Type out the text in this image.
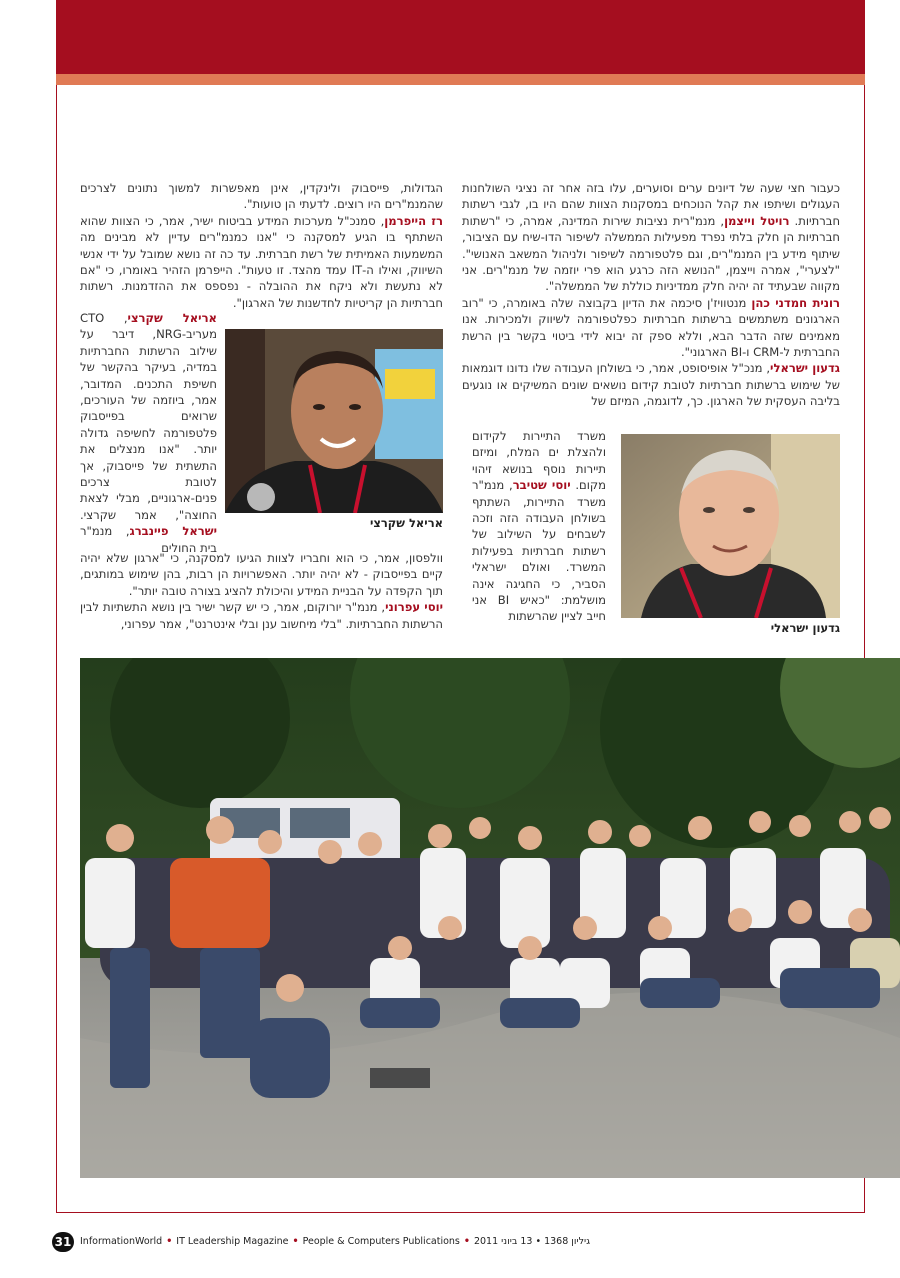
כעבור חצי שעה של דיונים ערים וסוערים, עלו בזה אחר זה נציגי השולחנות העגולים ושיתפו את קהל הנוכחים במסקנות הצוות שהם היו בו, לגבי רשתות חברתיות. רויטל וייצמן, מנמ"רית נציבות שירות המדינה, אמרה, כי "רשתות חברתיות הן חלק בלתי נפרד מפעילות הממשלה לשיפור הדו-שיח עם הציבור, שיתוף מידע בין המנמ"רים, וגם פלטפורמה לשיפור ולניהול המשאב האנושי". "לצערי", אמרה וייצמן, "הנושא הזה כרגע הוא פרי יוזמה של מנמ"רים. אני מקווה שבעתיד זה יהיה חלק ממדיניות כוללת של הממשלה".

רונית חמדני כהן מנטוויז'ן סיכמה את הדיון בקבוצה שלה באומרה, כי "רוב הארגונים משתמשים ברשתות חברתיות כפלטפורמה לשיווק ולמכירות. אנו מאמינים שזה הדבר הבא, וללא ספק זה יבוא לידי ביטוי בקשר בין הרשת החברתית ל-CRM ו-BI הארגוני".

גדעון ישראלי, מנכ"ל אופיסופט, אמר, כי בשולחן העבודה שלו נדונו דוגמאות של שימוש ברשתות חברתיות לטובת קידום נושאים שונים המשיקים או נוגעים בליבה העסקית של הארגון. כך, לדוגמה, המיזם של

משרד התיירות לקידום ולהצלת ים המלח, ומיזם תיירות נוסף בנושא זיהוי מקום. יוסי שטיבר, מנמ"ר משרד התיירות, השתתף בשולחן העבודה הזה וזכה לשבחים על השילוב של רשתות חברתיות בפעילות המשרד. ואולם ישראלי הסביר, כי החגיגה אינה מושלמת: "כאיש BI אני חייב לציין שהרשתות
גדעון ישראלי

הגדולות, פייסבוק ולינקדין, אינן מאפשרות למשוך נתונים לצרכים שהמנמ"רים היו רוצים. לדעתי הן טועות".

רז הייפרמן, סמנכ"ל מערכות המידע בביטוח ישיר, אמר, כי הצוות שהוא השתתף בו הגיע למסקנה כי "אנו כמנמ"רים עדיין לא מבינים מה המשמעות האמיתית של רשת חברתית. עד כה זה נושא שמובל על ידי אנשי השיווק, ואילו ה-IT עמד מהצד. זו טעות". הייפרמן הזהיר באומרו, כי "אם לא נתעשת ולא ניקח את ההובלה - נפספס את ההזדמנות. רשתות חברתיות הן קריטיות לחדשנות של הארגון".

אריאל שקרצי
אריאל שקרצי, CTO מעריב-NRG, דיבר על שילוב הרשתות החברתיות במדיה, בעיקר בהקשר של חשיפת התכנים. המדובר, אמר, ביוזמה של העורכים, שרואים בפייסבוק פלטפורמה לחשיפה גדולה יותר. "אנו מנצלים את התשתית של פייסבוק, אך לטובת צרכים פנים-ארגוניים, מבלי לצאת החוצה", אמר שקרצי. ישראל פיינברג, מנמ"ר בית החולים

וולפסון, אמר, כי הוא וחבריו לצוות הגיעו למסקנה, כי "ארגון שלא יהיה קיים בפייסבוק - לא יהיה יותר. האפשרויות הן רבות, בהן שימוש במותגים, תוך הקפדה על הבניית המידע והיכולת להציג בצורה טובה יותר".

יוסי עפרוני, מנמ"ר יורוקום, אמר, כי יש קשר ישיר בין נושא התשתיות לבין הרשתות החברתיות. "בלי מיחשוב ענן ובלי אינטרנט", אמר עפרוני,

31 InformationWorld • IT Leadership Magazine • People & Computers Publications • גיליון 1368 • 13 ביוני 2011
